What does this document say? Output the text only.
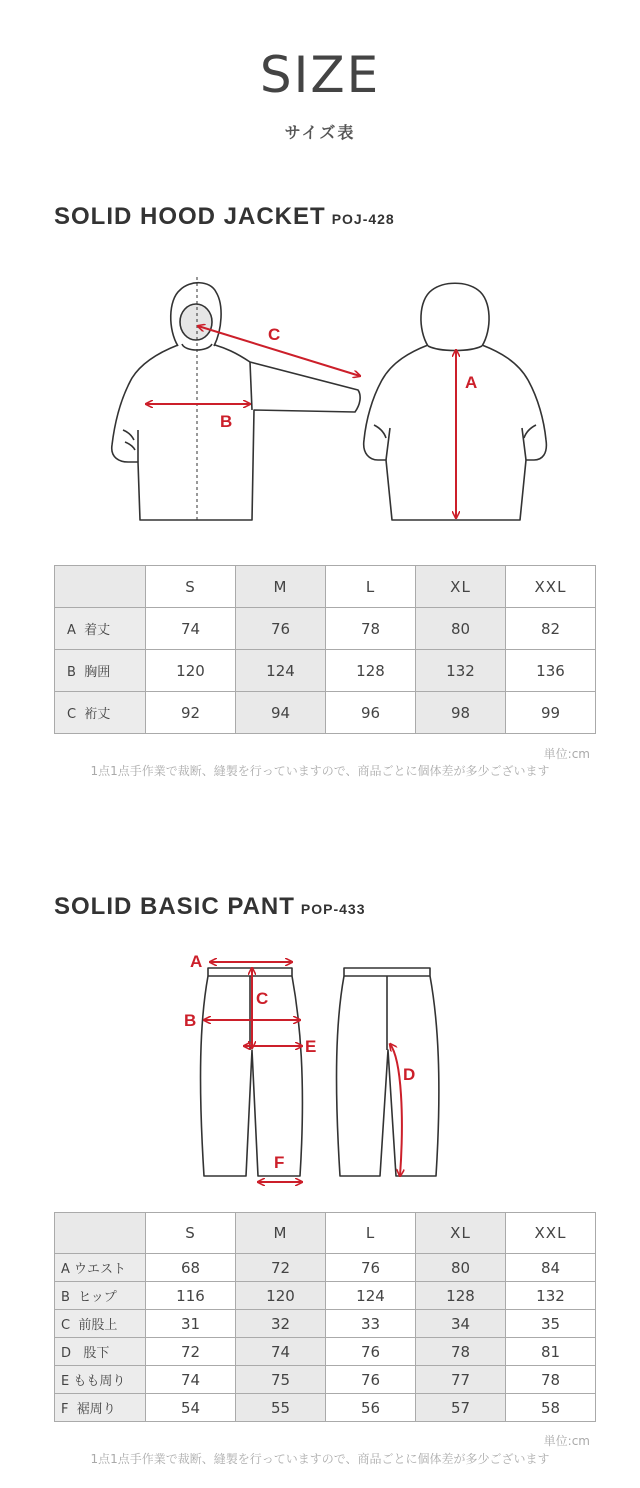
SIZE
サイズ表
SOLID HOOD JACKET POJ-428
C
B
A
	S	M	L	XL	XXL
A 着丈	74	76	78	80	82
B 胸囲	120	124	128	132	136
C 裄丈	92	94	96	98	99
単位:cm
1点1点手作業で裁断、縫製を行っていますので、商品ごとに個体差が多少ございます
SOLID BASIC PANT POP-433
A
C
B
E
D
F
	S	M	L	XL	XXL
A ウエスト	68	72	76	80	84
B ヒップ	116	120	124	128	132
C 前股上	31	32	33	34	35
D 股下	72	74	76	78	81
E もも周り	74	75	76	77	78
F 裾周り	54	55	56	57	58
単位:cm
1点1点手作業で裁断、縫製を行っていますので、商品ごとに個体差が多少ございます
